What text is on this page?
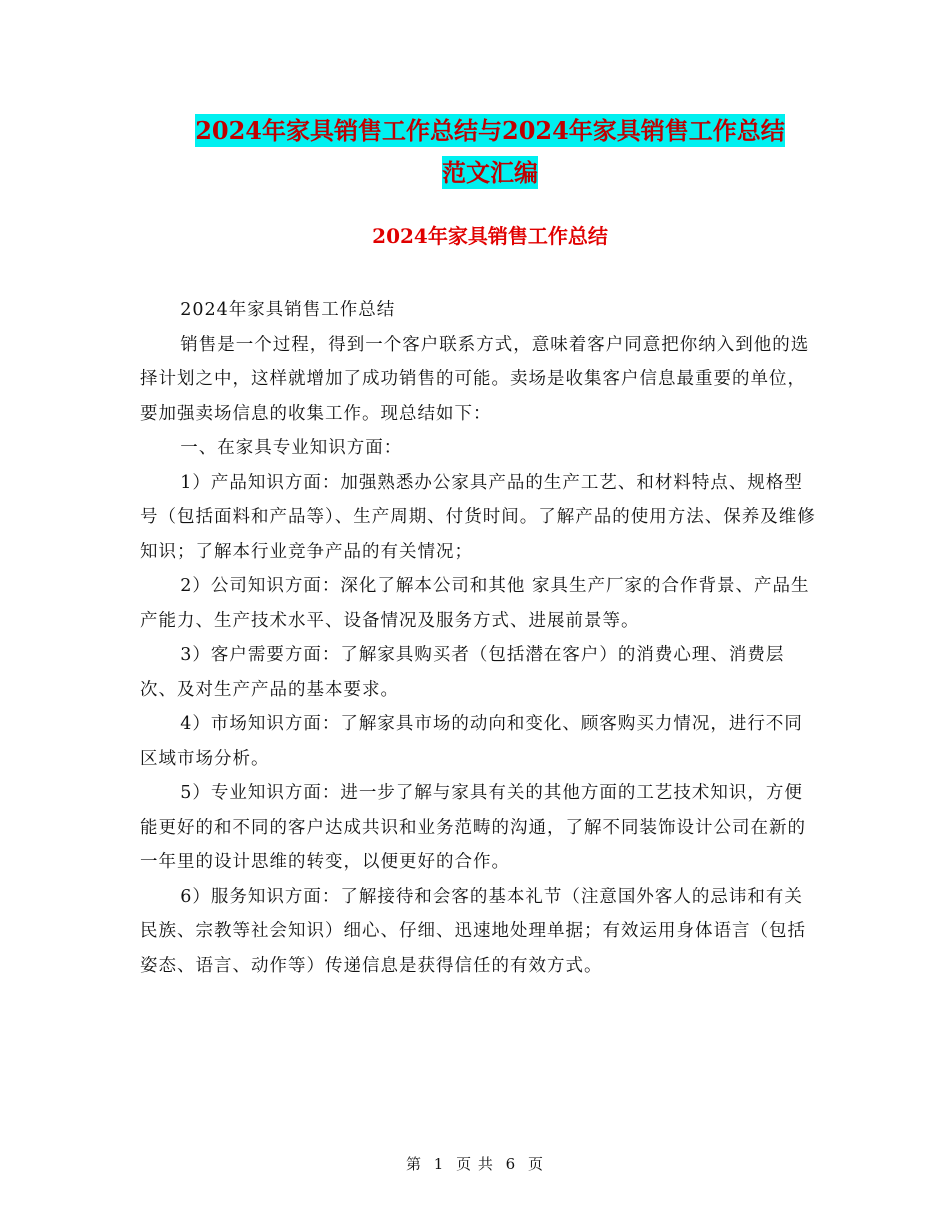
2024年家具销售工作总结与2024年家具销售工作总结
范文汇编
2024年家具销售工作总结

2024年家具销售工作总结

销售是一个过程，得到一个客户联系方式，意味着客户同意把你纳入到他的选择计划之中，这样就增加了成功销售的可能。卖场是收集客户信息最重要的单位，要加强卖场信息的收集工作。现总结如下：

一、在家具专业知识方面：

1）产品知识方面：加强熟悉办公家具产品的生产工艺、和材料特点、规格型号（包括面料和产品等）、生产周期、付货时间。了解产品的使用方法、保养及维修知识；了解本行业竞争产品的有关情况；

2）公司知识方面：深化了解本公司和其他 家具生产厂家的合作背景、产品生产能力、生产技术水平、设备情况及服务方式、进展前景等。

3）客户需要方面：了解家具购买者（包括潜在客户）的消费心理、消费层次、及对生产产品的基本要求。

4）市场知识方面：了解家具市场的动向和变化、顾客购买力情况，进行不同区域市场分析。

5）专业知识方面：进一步了解与家具有关的其他方面的工艺技术知识，方便能更好的和不同的客户达成共识和业务范畴的沟通，了解不同装饰设计公司在新的一年里的设计思维的转变，以便更好的合作。

6）服务知识方面：了解接待和会客的基本礼节（注意国外客人的忌讳和有关民族、宗教等社会知识）细心、仔细、迅速地处理单据；有效运用身体语言（包括姿态、语言、动作等）传递信息是获得信任的有效方式。

第 1 页 共 6 页
